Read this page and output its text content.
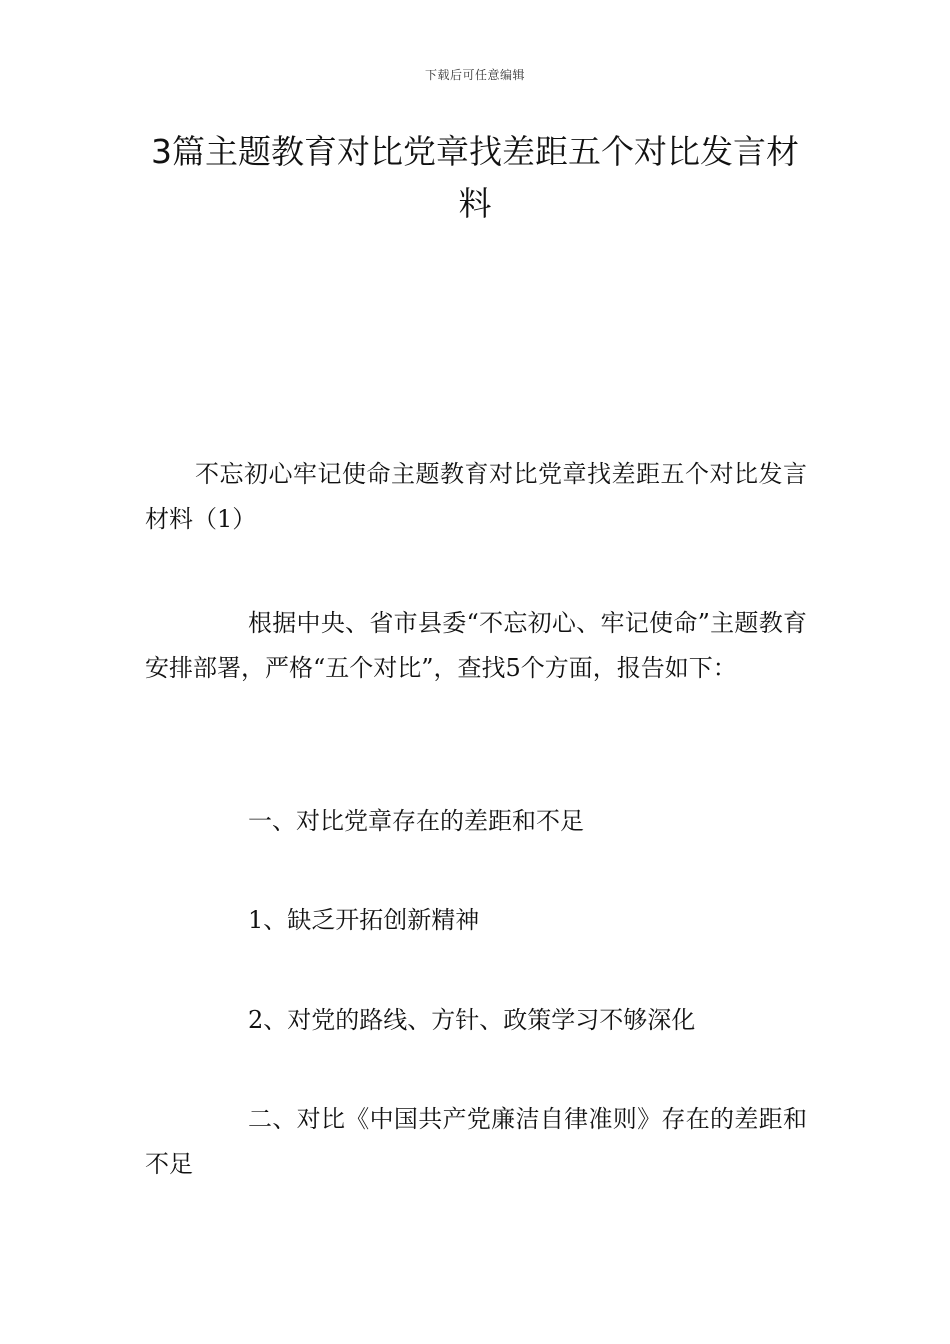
下载后可任意编辑
3篇主题教育对比党章找差距五个对比发言材料

不忘初心牢记使命主题教育对比党章找差距五个对比发言材料（1）

根据中央、省市县委“不忘初心、牢记使命”主题教育安排部署，严格“五个对比”，查找5个方面，报告如下：

一、对比党章存在的差距和不足

1、缺乏开拓创新精神

2、对党的路线、方针、政策学习不够深化

二、对比《中国共产党廉洁自律准则》存在的差距和不足
